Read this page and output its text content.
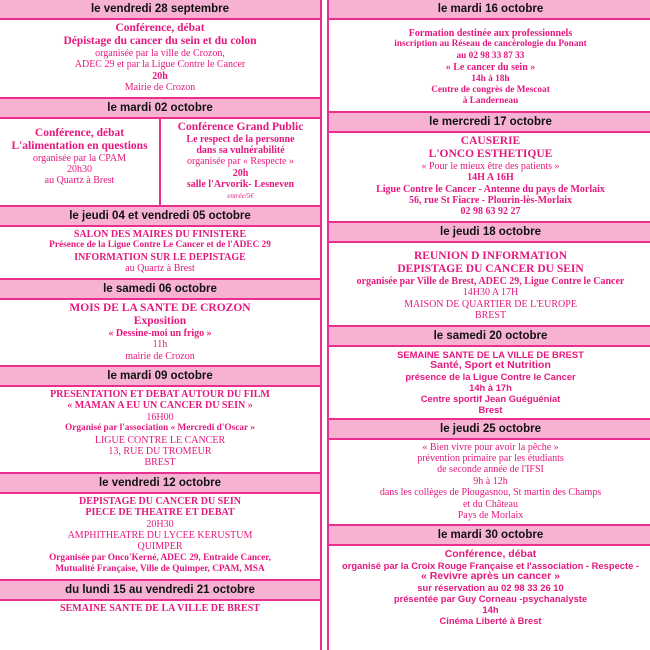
le vendredi 28 septembre
Conférence, débat
Dépistage du cancer du sein et du colon
organisée par la ville de Crozon,
ADEC 29 et par la Ligue Contre le Cancer
20h
Mairie de Crozon
le mardi 02 octobre
Conférence, débat
L'alimentation en questions
organisée par la CPAM
20h30
au Quartz à Brest
Conférence Grand Public
Le respect de la personne
dans sa vulnérabilité
organisée par « Respecte »
20h
salle l'Arvorik- Lesneven
entrée/5€
le jeudi 04 et vendredi 05 octobre
SALON DES MAIRES DU FINISTERE
Présence de la Ligue Contre Le Cancer et de l'ADEC 29
INFORMATION SUR LE DEPISTAGE
au Quartz à Brest
le samedi 06 octobre
MOIS DE LA SANTE DE CROZON
Exposition
« Dessine-moi un frigo »
11h
mairie de Crozon
le mardi 09 octobre
PRESENTATION ET DEBAT AUTOUR DU FILM
« MAMAN A EU UN CANCER DU SEIN »
16H00
Organisé par l'association « Mercredi d'Oscar »
LIGUE CONTRE LE CANCER
13, RUE DU TROMEUR
BREST
le vendredi 12 octobre
DEPISTAGE DU CANCER DU SEIN
PIECE DE THEATRE ET DEBAT
20H30
AMPHITHEATRE DU LYCEE KERUSTUM
QUIMPER
Organisée par Onco'Kerné, ADEC 29, Entraide Cancer,
Mutualité Française, Ville de Quimper, CPAM, MSA
du lundi 15 au vendredi 21 octobre
SEMAINE SANTE DE LA VILLE DE BREST
le mardi 16 octobre
Formation destinée aux professionnels
inscription au Réseau de cancérologie du Ponant
au 02 98 33 87 33
« Le cancer du sein »
14h à 18h
Centre de congrès de Mescoat
à Landerneau
le mercredi 17 octobre
CAUSERIE
L'ONCO ESTHETIQUE
« Pour le mieux être des patients »
14H A 16H
Ligue Contre le Cancer - Antenne du pays de Morlaix
56, rue St Fiacre - Plourin-lès-Morlaix
02 98 63 92 27
le jeudi 18 octobre
REUNION D INFORMATION
DEPISTAGE DU CANCER DU SEIN
organisée par Ville de Brest, ADEC 29, Ligue Contre le Cancer
14H30 A 17H
MAISON DE QUARTIER DE L'EUROPE
BREST
le samedi 20 octobre
SEMAINE SANTE DE LA VILLE DE BREST
Santé, Sport et Nutrition
présence de la Ligue Contre le Cancer
14h à 17h
Centre sportif Jean Guéguéniat
Brest
le jeudi 25 octobre
« Bien vivre pour avoir la pêche »
prévention primaire par les étudiants
de seconde année de l'IFSI
9h à 12h
dans les collèges de Plougasnou, St martin des Champs
et du Château
Pays de Morlaix
le mardi 30 octobre
Conférence, débat
organisé par la Croix Rouge Française et l'association - Respecte -
« Revivre après un cancer »
sur réservation au 02 98 33 26 10
présentée par Guy Corneau -psychanalyste
14h
Cinéma Liberté à Brest
